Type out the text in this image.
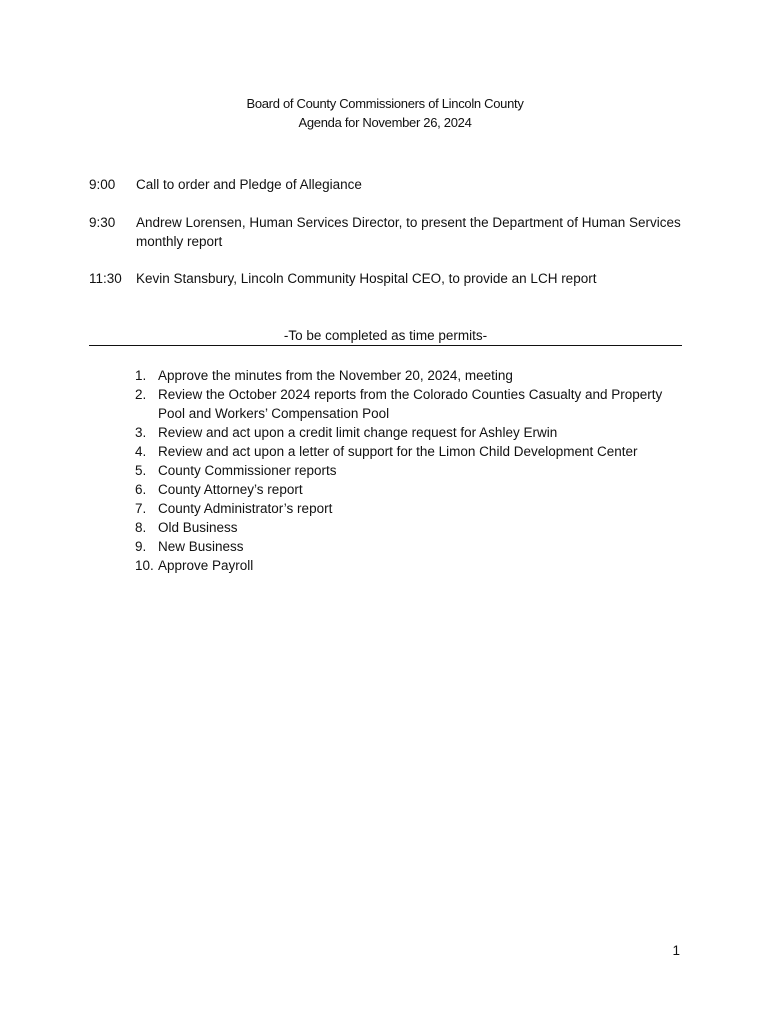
Board of County Commissioners of Lincoln County
Agenda for November 26, 2024
9:00	Call to order and Pledge of Allegiance
9:30	Andrew Lorensen, Human Services Director, to present the Department of Human Services monthly report
11:30	Kevin Stansbury, Lincoln Community Hospital CEO, to provide an LCH report
-To be completed as time permits-
1. Approve the minutes from the November 20, 2024, meeting
2. Review the October 2024 reports from the Colorado Counties Casualty and Property Pool and Workers’ Compensation Pool
3. Review and act upon a credit limit change request for Ashley Erwin
4. Review and act upon a letter of support for the Limon Child Development Center
5. County Commissioner reports
6. County Attorney’s report
7. County Administrator’s report
8. Old Business
9. New Business
10. Approve Payroll
1
